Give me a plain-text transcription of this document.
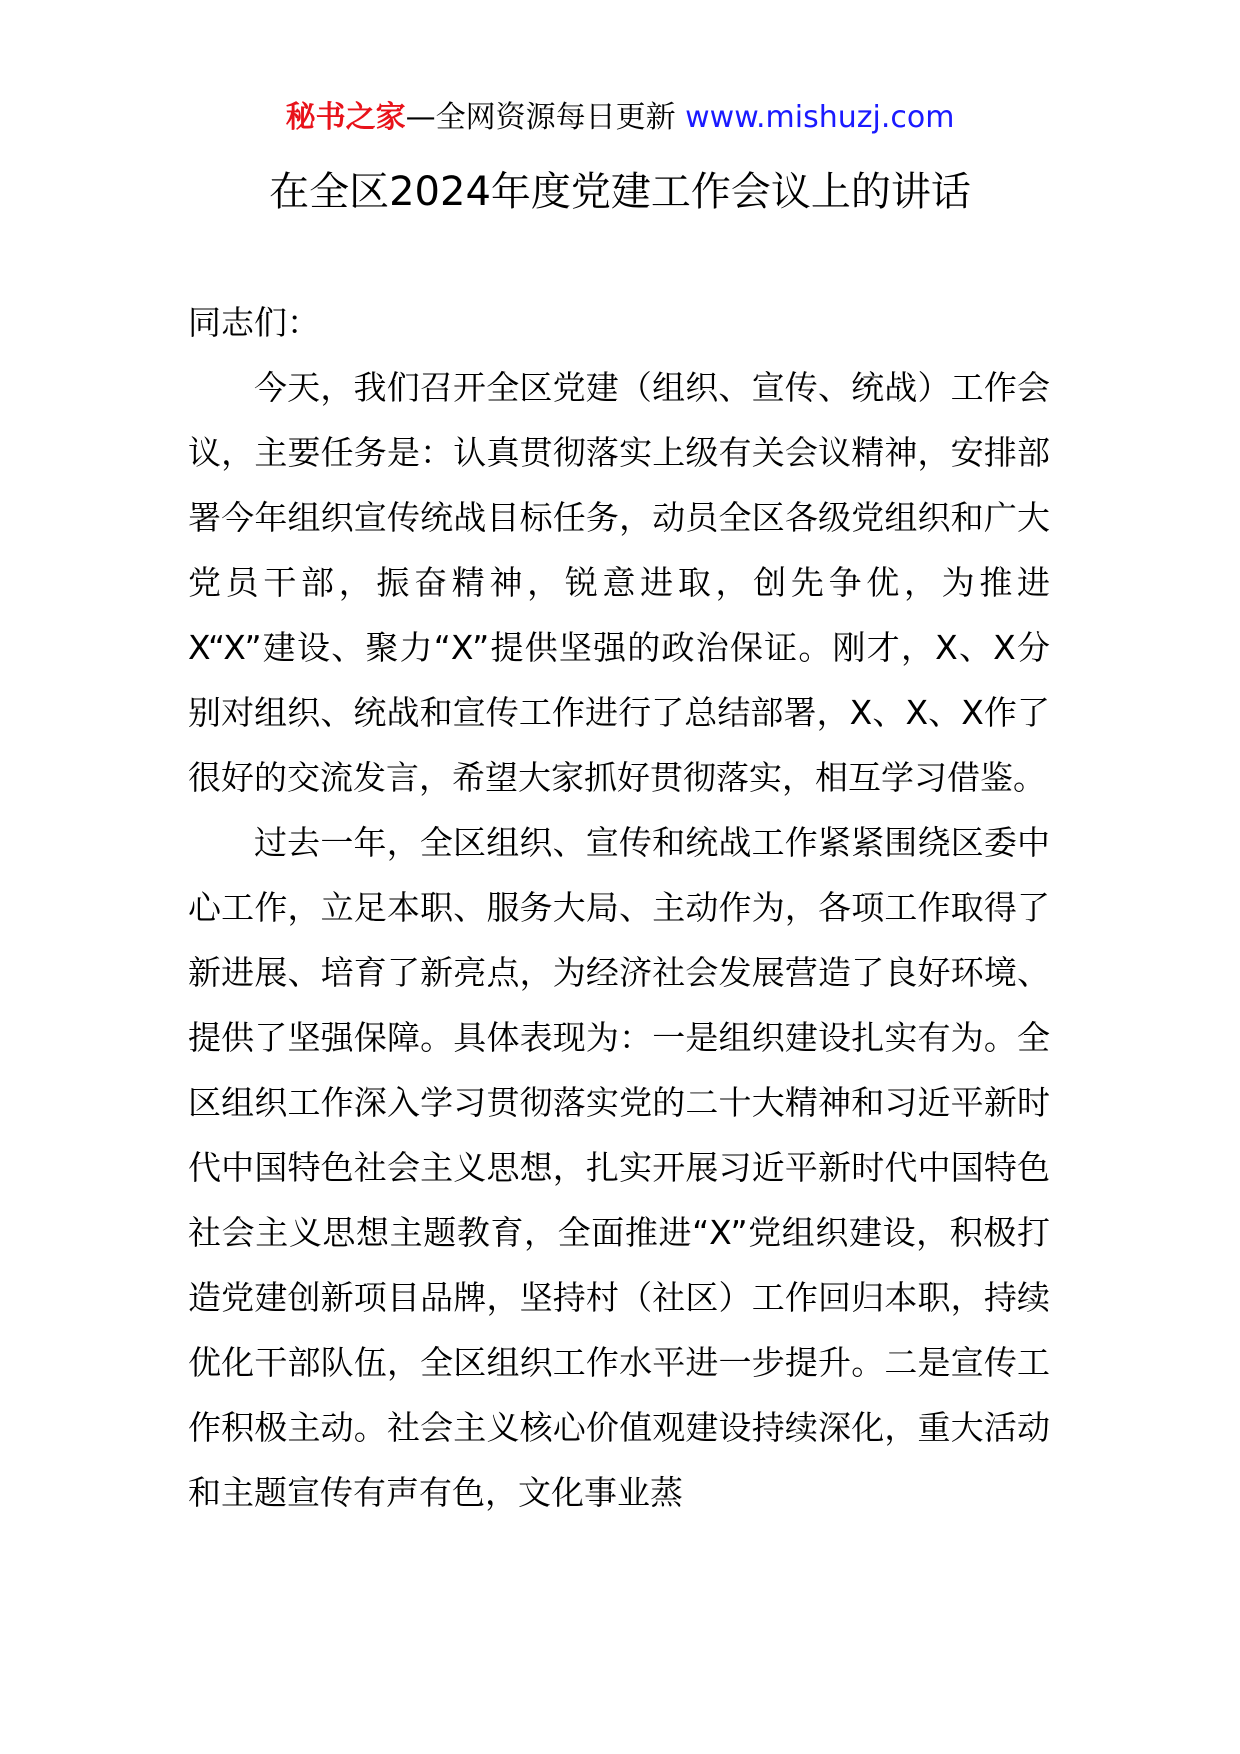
秘书之家—全网资源每日更新 www.mishuzj.com
在全区2024年度党建工作会议上的讲话

同志们：

今天，我们召开全区党建（组织、宣传、统战）工作会议，主要任务是：认真贯彻落实上级有关会议精神，安排部署今年组织宣传统战目标任务，动员全区各级党组织和广大党员干部，振奋精神，锐意进取，创先争优，为推进X“X”建设、聚力“X”提供坚强的政治保证。刚才，X、X分别对组织、统战和宣传工作进行了总结部署，X、X、X作了很好的交流发言，希望大家抓好贯彻落实，相互学习借鉴。

过去一年，全区组织、宣传和统战工作紧紧围绕区委中心工作，立足本职、服务大局、主动作为，各项工作取得了新进展、培育了新亮点，为经济社会发展营造了良好环境、提供了坚强保障。具体表现为：一是组织建设扎实有为。全区组织工作深入学习贯彻落实党的二十大精神和习近平新时代中国特色社会主义思想，扎实开展习近平新时代中国特色社会主义思想主题教育，全面推进“X”党组织建设，积极打造党建创新项目品牌，坚持村（社区）工作回归本职，持续优化干部队伍，全区组织工作水平进一步提升。二是宣传工作积极主动。社会主义核心价值观建设持续深化，重大活动和主题宣传有声有色，文化事业蒸
